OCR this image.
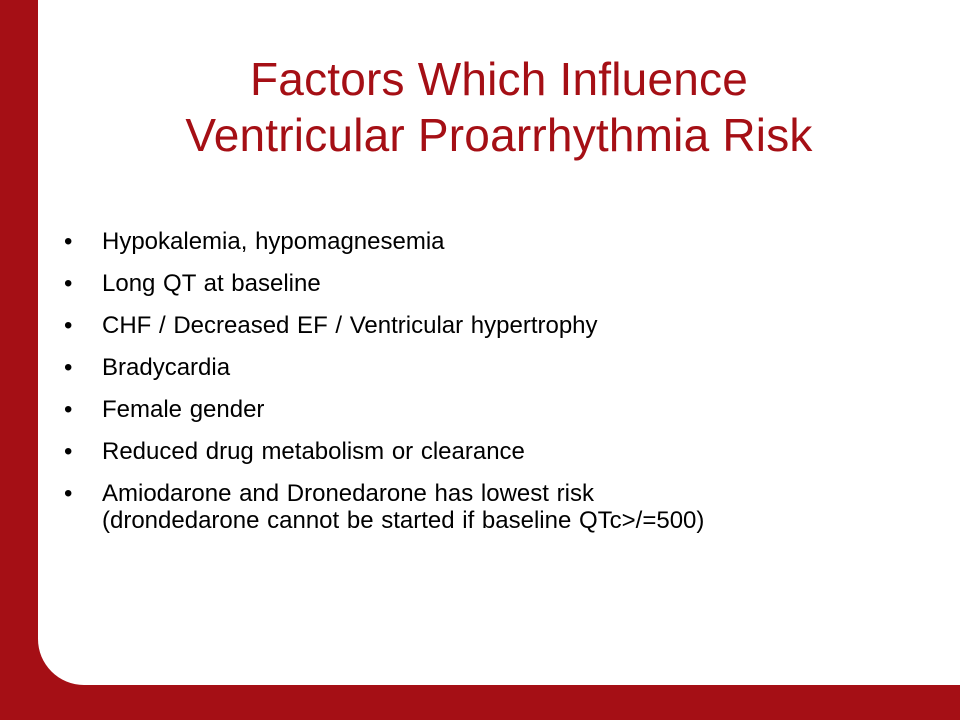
Factors Which Influence
Ventricular Proarrhythmia Risk
•	Hypokalemia, hypomagnesemia
•	Long QT at baseline
•	CHF / Decreased EF / Ventricular hypertrophy
•	Bradycardia
•	Female gender
•	Reduced drug metabolism or clearance
•	Amiodarone and Dronedarone has lowest risk
(drondedarone cannot be started if baseline QTc>/=500)
